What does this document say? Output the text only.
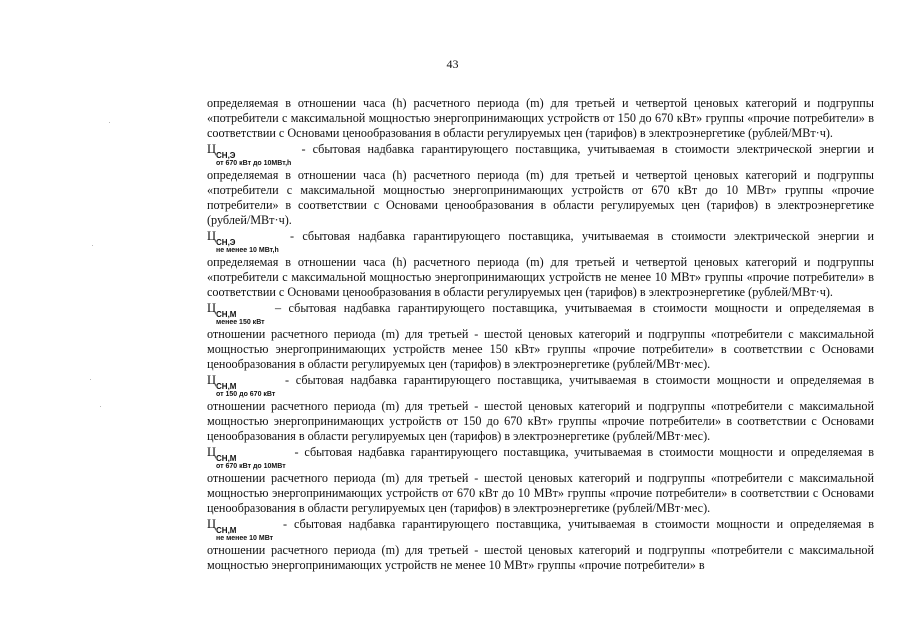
43

определяемая в отношении часа (h) расчетного периода (m) для третьей и четвертой ценовых категорий и подгруппы «потребители с максимальной мощностью энергопринимающих устройств от 150 до 670 кВт» группы «прочие потребители» в соответствии с Основами ценообразования в области регулируемых цен (тарифов) в электроэнергетике (рублей/МВт·ч).

Ц СН,Э
от 670 кВт до 10МВт,h
- сбытовая надбавка гарантирующего поставщика, учитываемая в стоимости электрической энергии и определяемая в отношении часа (h) расчетного периода (m) для третьей и четвертой ценовых категорий и подгруппы «потребители с максимальной мощностью энергопринимающих устройств от 670 кВт до 10 МВт» группы «прочие потребители» в соответствии с Основами ценообразования в области регулируемых цен (тарифов) в электроэнергетике (рублей/МВт·ч).

Ц СН,Э
не менее 10 МВт,h
- сбытовая надбавка гарантирующего поставщика, учитываемая в стоимости электрической энергии и определяемая в отношении часа (h) расчетного периода (m) для третьей и четвертой ценовых категорий и подгруппы «потребители с максимальной мощностью энергопринимающих устройств не менее 10 МВт» группы «прочие потребители» в соответствии с Основами ценообразования в области регулируемых цен (тарифов) в электроэнергетике (рублей/МВт·ч).

Ц СН,М
менее 150 кВт
– сбытовая надбавка гарантирующего поставщика, учитываемая в стоимости мощности и определяемая в отношении расчетного периода (m) для третьей - шестой ценовых категорий и подгруппы «потребители с максимальной мощностью энергопринимающих устройств менее 150 кВт» группы «прочие потребители» в соответствии с Основами ценообразования в области регулируемых цен (тарифов) в электроэнергетике (рублей/МВт·мес).

Ц СН,М
от 150 до 670 кВт
- сбытовая надбавка гарантирующего поставщика, учитываемая в стоимости мощности и определяемая в отношении расчетного периода (m) для третьей - шестой ценовых категорий и подгруппы «потребители с максимальной мощностью энергопринимающих устройств от 150 до 670 кВт» группы «прочие потребители» в соответствии с Основами ценообразования в области регулируемых цен (тарифов) в электроэнергетике (рублей/МВт·мес).

Ц СН,М
от 670 кВт до 10МВт
- сбытовая надбавка гарантирующего поставщика, учитываемая в стоимости мощности и определяемая в отношении расчетного периода (m) для третьей - шестой ценовых категорий и подгруппы «потребители с максимальной мощностью энергопринимающих устройств от 670 кВт до 10 МВт» группы «прочие потребители» в соответствии с Основами ценообразования в области регулируемых цен (тарифов) в электроэнергетике (рублей/МВт·мес).

Ц СН,М
не менее 10 МВт
- сбытовая надбавка гарантирующего поставщика, учитываемая в стоимости мощности и определяемая в отношении расчетного периода (m) для третьей - шестой ценовых категорий и подгруппы «потребители с максимальной мощностью энергопринимающих устройств не менее 10 МВт» группы «прочие потребители» в
